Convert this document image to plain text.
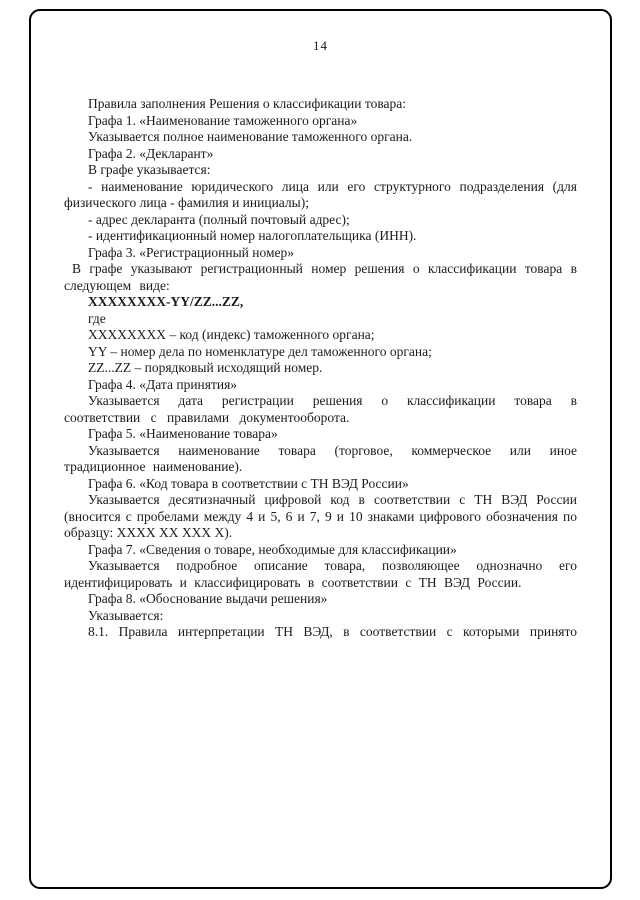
14

Правила заполнения Решения о классификации товара:

Графа 1. «Наименование таможенного органа»

Указывается полное наименование таможенного органа.

Графа 2. «Декларант»

В графе указывается:

- наименование юридического лица или его структурного подразделения (для физического лица - фамилия и инициалы);

- адрес декларанта (полный почтовый адрес);

- идентификационный номер налогоплательщика (ИНН).

Графа 3. «Регистрационный номер»

В графе указывают регистрационный номер решения о классификации товара в следующем виде:

ХХХХХХХХ-YY/ZZ...ZZ,

где

ХХХХХХХХ – код (индекс) таможенного органа;

YY – номер дела по номенклатуре дел таможенного органа;

ZZ...ZZ – порядковый исходящий номер.

Графа 4. «Дата принятия»

Указывается дата регистрации решения о классификации товара в соответствии с правилами документооборота.

Графа 5. «Наименование товара»

Указывается наименование товара (торговое, коммерческое или иное традиционное наименование).

Графа 6. «Код товара в соответствии с ТН ВЭД России»

Указывается десятизначный цифровой код в соответствии с ТН ВЭД России (вносится с пробелами между 4 и 5, 6 и 7, 9 и 10 знаками цифрового обозначения по образцу: ХХХХ ХХ ХХХ Х).

Графа 7. «Сведения о товаре, необходимые для классификации»

Указывается подробное описание товара, позволяющее однозначно его идентифицировать и классифицировать в соответствии с ТН ВЭД России.

Графа 8. «Обоснование выдачи решения»

Указывается:

8.1. Правила интерпретации ТН ВЭД, в соответствии с которыми принято
